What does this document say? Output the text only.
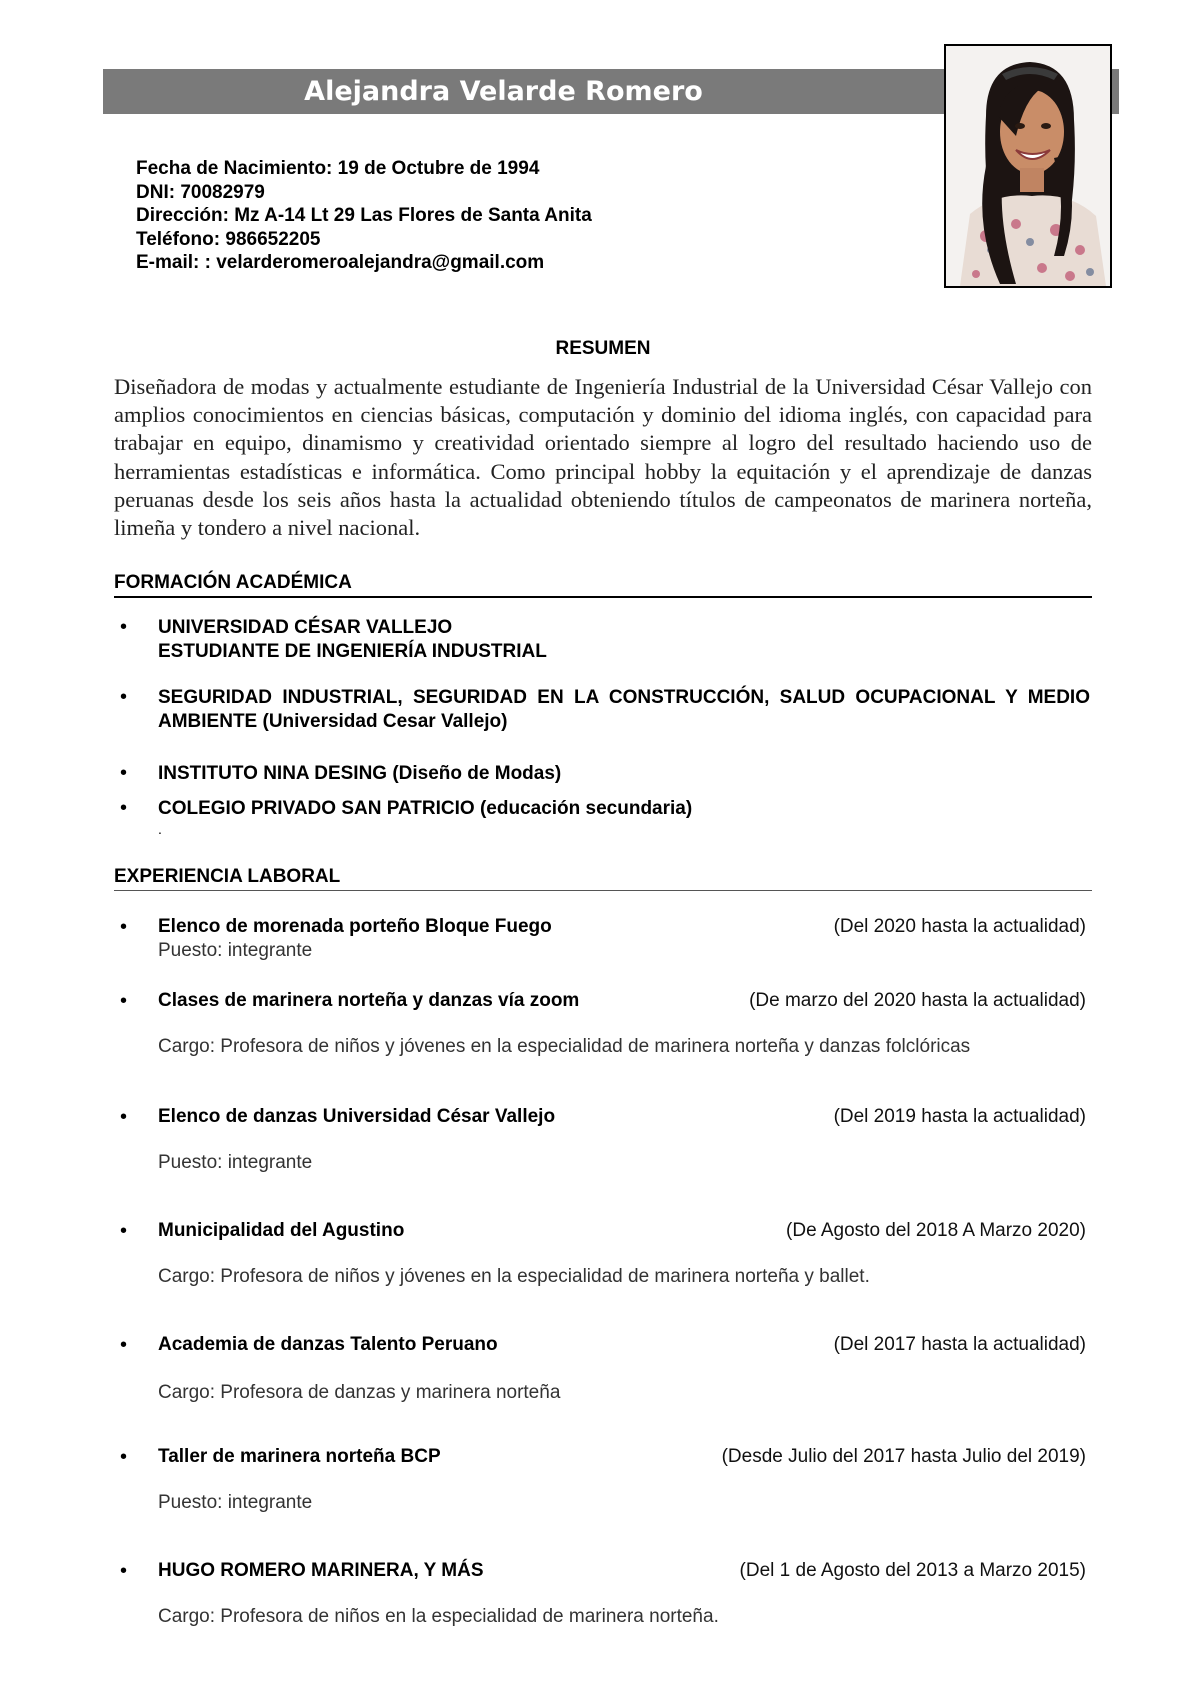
Alejandra Velarde Romero
Fecha de Nacimiento: 19 de Octubre de 1994
DNI: 70082979
Dirección: Mz A-14 Lt 29 Las Flores de Santa Anita
Teléfono: 986652205
E-mail: : velarderomeroalejandra@gmail.com
RESUMEN
Diseñadora de modas y actualmente estudiante de Ingeniería Industrial de la Universidad César Vallejo con amplios conocimientos en ciencias básicas, computación y dominio del idioma inglés, con capacidad para trabajar en equipo, dinamismo y creatividad orientado siempre al logro del resultado haciendo uso de herramientas estadísticas e informática. Como principal hobby la equitación y el aprendizaje de danzas peruanas desde los seis años hasta la actualidad obteniendo títulos de campeonatos de marinera norteña, limeña y tondero a nivel nacional.
FORMACIÓN ACADÉMICA
• UNIVERSIDAD CÉSAR VALLEJO
ESTUDIANTE DE INGENIERÍA INDUSTRIAL
• SEGURIDAD INDUSTRIAL, SEGURIDAD EN LA CONSTRUCCIÓN, SALUD OCUPACIONAL Y MEDIO AMBIENTE (Universidad Cesar Vallejo)
• INSTITUTO NINA DESING (Diseño de Modas)
• COLEGIO PRIVADO SAN PATRICIO (educación secundaria)
.
EXPERIENCIA LABORAL
• Elenco de morenada porteño Bloque Fuego	(Del 2020 hasta la actualidad)
Puesto: integrante
• Clases de marinera norteña y danzas vía zoom	(De marzo del 2020 hasta la actualidad)
Cargo: Profesora de niños y jóvenes en la especialidad de marinera norteña y danzas folclóricas
• Elenco de danzas Universidad César Vallejo	(Del 2019 hasta la actualidad)
Puesto: integrante
• Municipalidad del Agustino	(De Agosto del 2018 A Marzo 2020)
Cargo: Profesora de niños y jóvenes en la especialidad de marinera norteña y ballet.
• Academia de danzas Talento Peruano	(Del 2017 hasta la actualidad)
Cargo: Profesora de danzas y marinera norteña
• Taller de marinera norteña BCP	(Desde Julio del 2017 hasta Julio del 2019)
Puesto: integrante
• HUGO ROMERO MARINERA, Y MÁS	(Del 1 de Agosto del 2013 a Marzo 2015)
Cargo: Profesora de niños en la especialidad de marinera norteña.
